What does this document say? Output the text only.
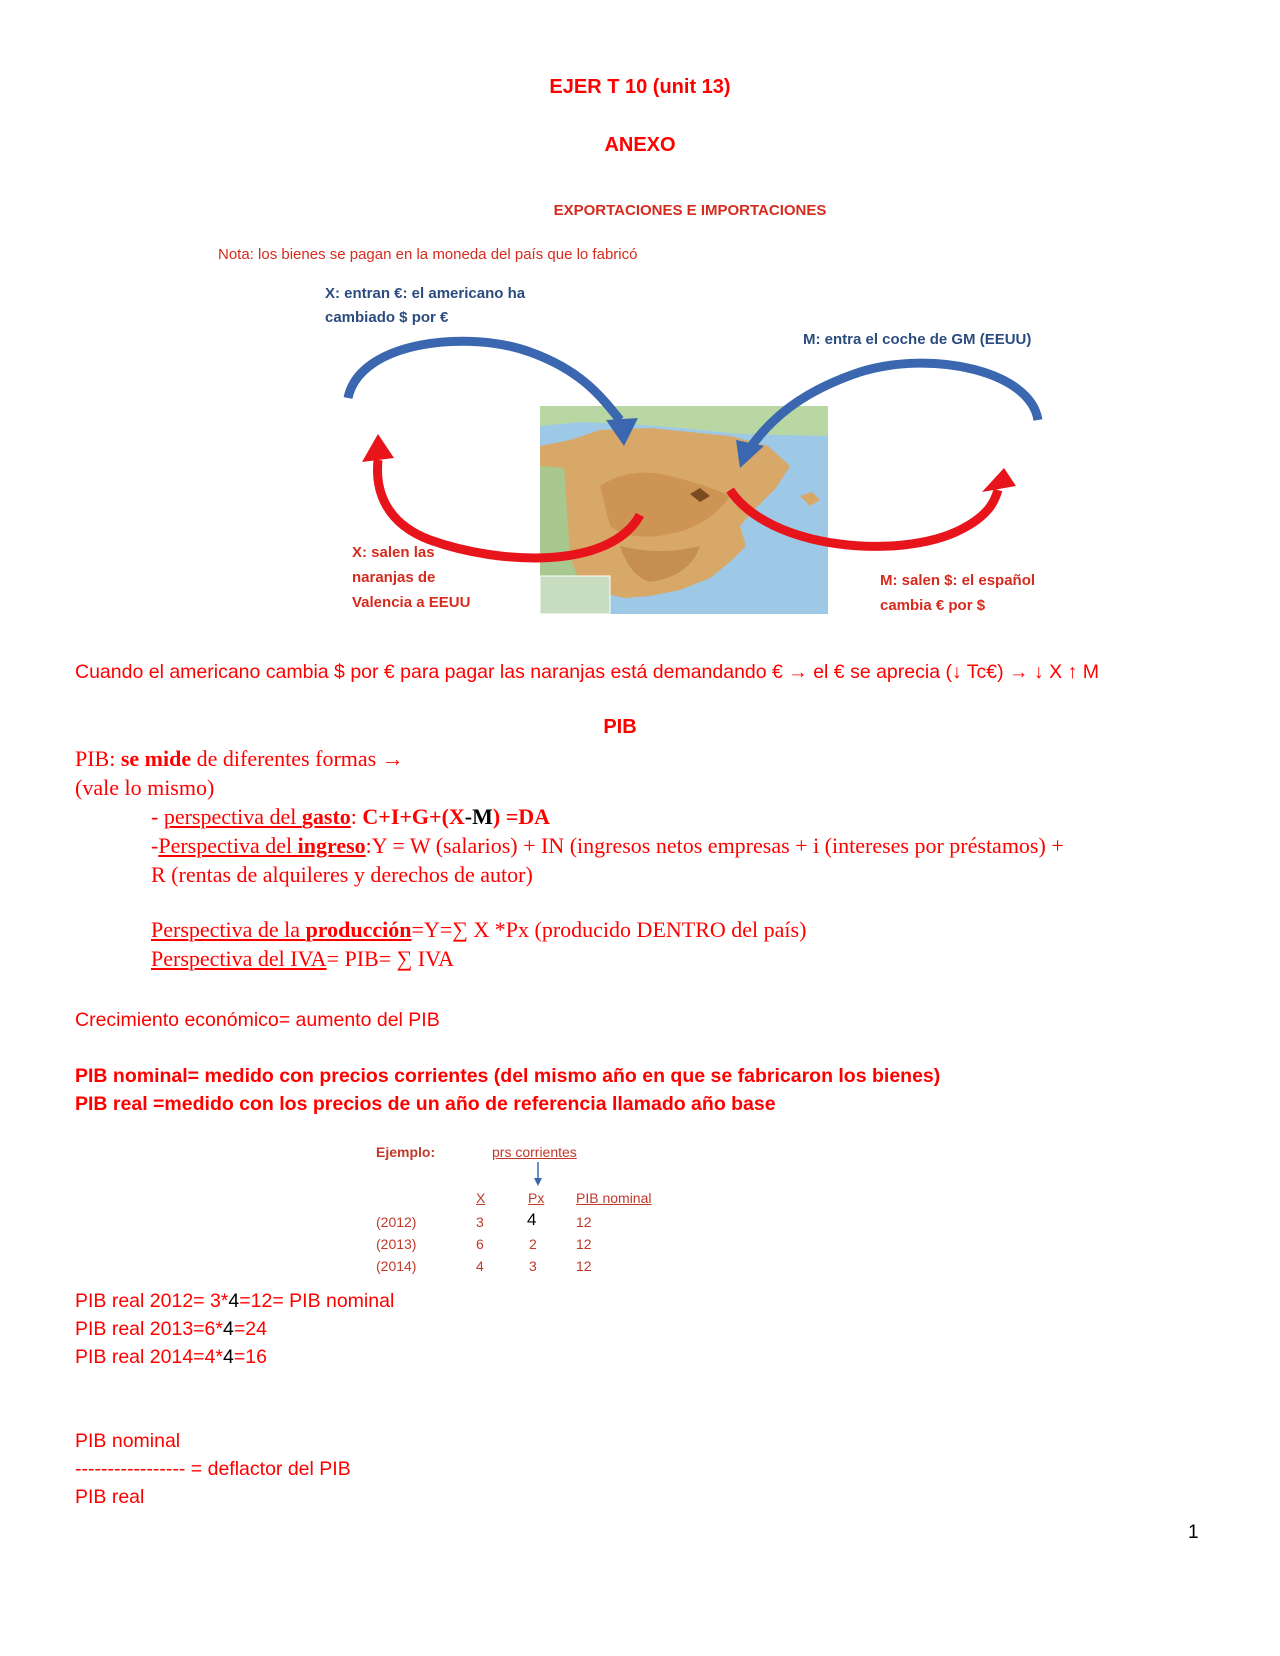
EJER T 10 (unit 13)
ANEXO
EXPORTACIONES E IMPORTACIONES
Nota: los bienes se pagan en la moneda del país que lo fabricó
X: entran €: el americano ha
cambiado $ por €
M: entra el coche de GM (EEUU)
X: salen las
naranjas de
Valencia a EEUU
M: salen $: el español
cambia € por $
Cuando el americano cambia $ por € para pagar las naranjas está demandando € → el € se aprecia (↓ Tc€) → ↓ X ↑ M
PIB
PIB: se mide de diferentes formas →
(vale lo mismo)
- perspectiva del gasto: C+I+G+(X-M) =DA
-Perspectiva del ingreso:Y = W (salarios) + IN (ingresos netos empresas + i (intereses por préstamos) +
R (rentas de alquileres y derechos de autor)
Perspectiva de la producción=Y=∑ X *Px (producido DENTRO del país)
Perspectiva del IVA= PIB= ∑ IVA
Crecimiento económico= aumento del PIB
PIB nominal= medido con precios corrientes (del mismo año en que se fabricaron los bienes)
PIB real =medido con los precios de un año de referencia llamado año base
Ejemplo:	prs corrientes
X	Px PIB nominal
(2012)	3	4	12
(2013)	6	2	12
(2014)	4	3	12
PIB real 2012= 3*4=12= PIB nominal
PIB real 2013=6*4=24
PIB real 2014=4*4=16
PIB nominal
----------------- = deflactor del PIB
PIB real
1
